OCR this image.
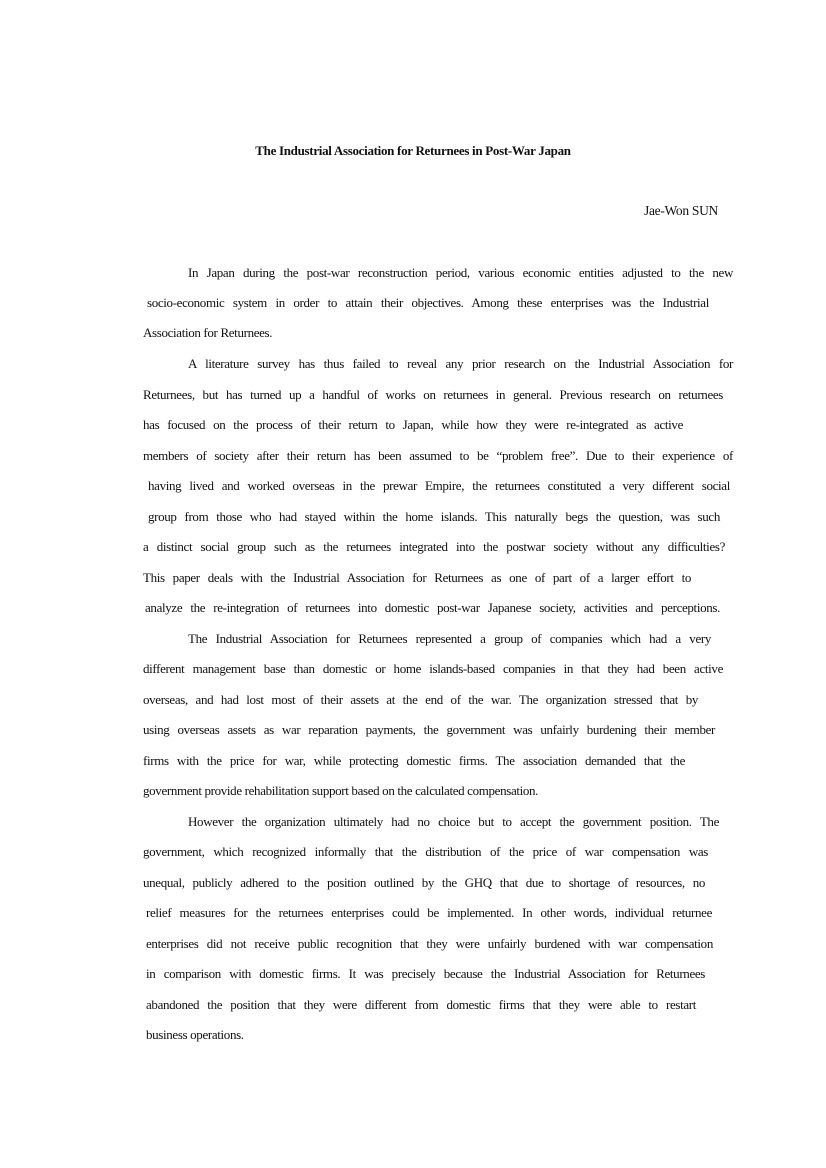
The Industrial Association for Returnees in Post-War Japan

Jae-Won SUN

In Japan during the post-war reconstruction period, various economic entities adjusted to the new

socio-economic system in order to attain their objectives. Among these enterprises was the Industrial

Association for Returnees.

A literature survey has thus failed to reveal any prior research on the Industrial Association for

Returnees, but has turned up a handful of works on returnees in general. Previous research on returnees

has focused on the process of their return to Japan, while how they were re-integrated as active

members of society after their return has been assumed to be “problem free”. Due to their experience of

having lived and worked overseas in the prewar Empire, the returnees constituted a very different social

group from those who had stayed within the home islands. This naturally begs the question, was such

a distinct social group such as the returnees integrated into the postwar society without any difficulties?

This paper deals with the Industrial Association for Returnees as one of part of a larger effort to

analyze the re-integration of returnees into domestic post-war Japanese society, activities and perceptions.

The Industrial Association for Returnees represented a group of companies which had a very

different management base than domestic or home islands-based companies in that they had been active

overseas, and had lost most of their assets at the end of the war. The organization stressed that by

using overseas assets as war reparation payments, the government was unfairly burdening their member

firms with the price for war, while protecting domestic firms. The association demanded that the

government provide rehabilitation support based on the calculated compensation.

However the organization ultimately had no choice but to accept the government position. The

government, which recognized informally that the distribution of the price of war compensation was

unequal, publicly adhered to the position outlined by the GHQ that due to shortage of resources, no

relief measures for the returnees enterprises could be implemented. In other words, individual returnee

enterprises did not receive public recognition that they were unfairly burdened with war compensation

in comparison with domestic firms. It was precisely because the Industrial Association for Returnees

abandoned the position that they were different from domestic firms that they were able to restart

business operations.
